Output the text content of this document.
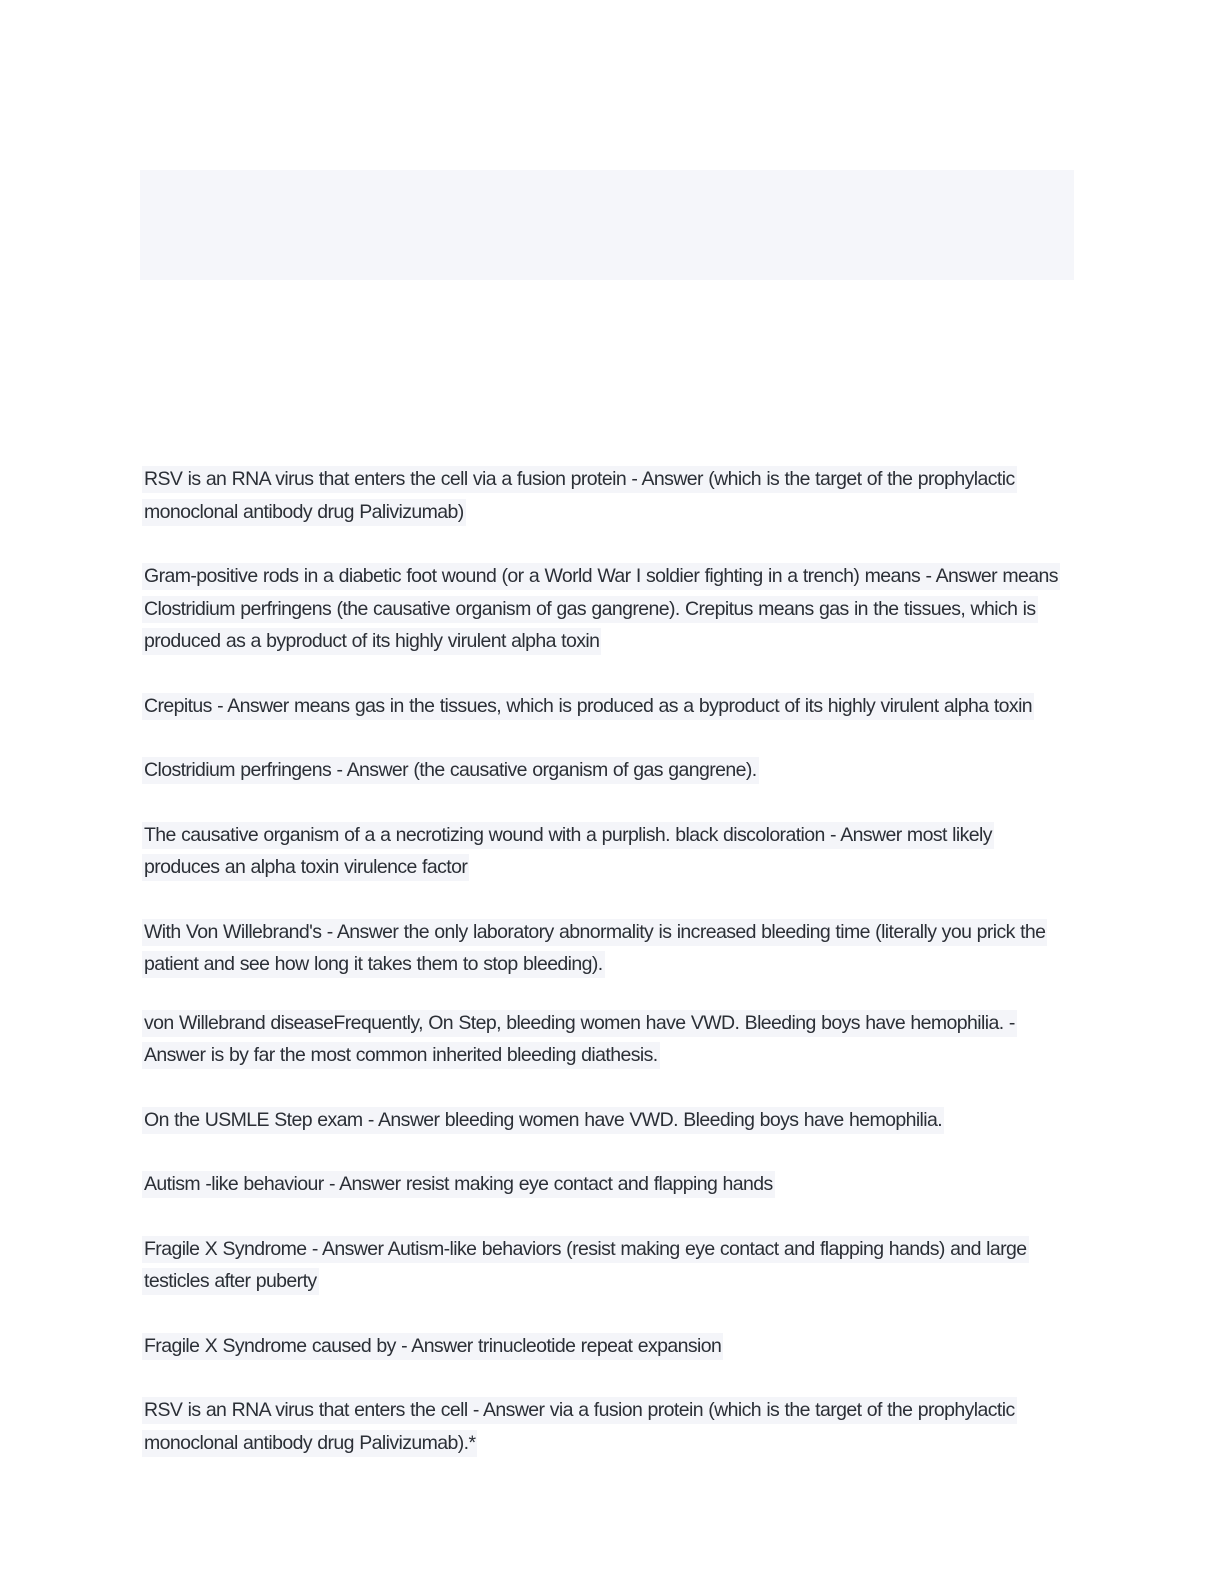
RSV is an RNA virus that enters the cell via a fusion protein - Answer (which is the target of the prophylactic monoclonal antibody drug Palivizumab)
Gram-positive rods in a diabetic foot wound (or a World War I soldier fighting in a trench) means - Answer means Clostridium perfringens (the causative organism of gas gangrene). Crepitus means gas in the tissues, which is produced as a byproduct of its highly virulent alpha toxin
Crepitus - Answer means gas in the tissues, which is produced as a byproduct of its highly virulent alpha toxin
Clostridium perfringens - Answer (the causative organism of gas gangrene).
The causative organism of a a necrotizing wound with a purplish. black discoloration - Answer most likely produces an alpha toxin virulence factor
With Von Willebrand's - Answer the only laboratory abnormality is increased bleeding time (literally you prick the patient and see how long it takes them to stop bleeding).
von Willebrand diseaseFrequently, On Step, bleeding women have VWD. Bleeding boys have hemophilia. - Answer is by far the most common inherited bleeding diathesis.
On the USMLE Step exam - Answer bleeding women have VWD. Bleeding boys have hemophilia.
Autism -like behaviour - Answer resist making eye contact and flapping hands
Fragile X Syndrome - Answer Autism-like behaviors (resist making eye contact and flapping hands) and large testicles after puberty
Fragile X Syndrome caused by - Answer trinucleotide repeat expansion
RSV is an RNA virus that enters the cell - Answer via a fusion protein (which is the target of the prophylactic monoclonal antibody drug Palivizumab).*
